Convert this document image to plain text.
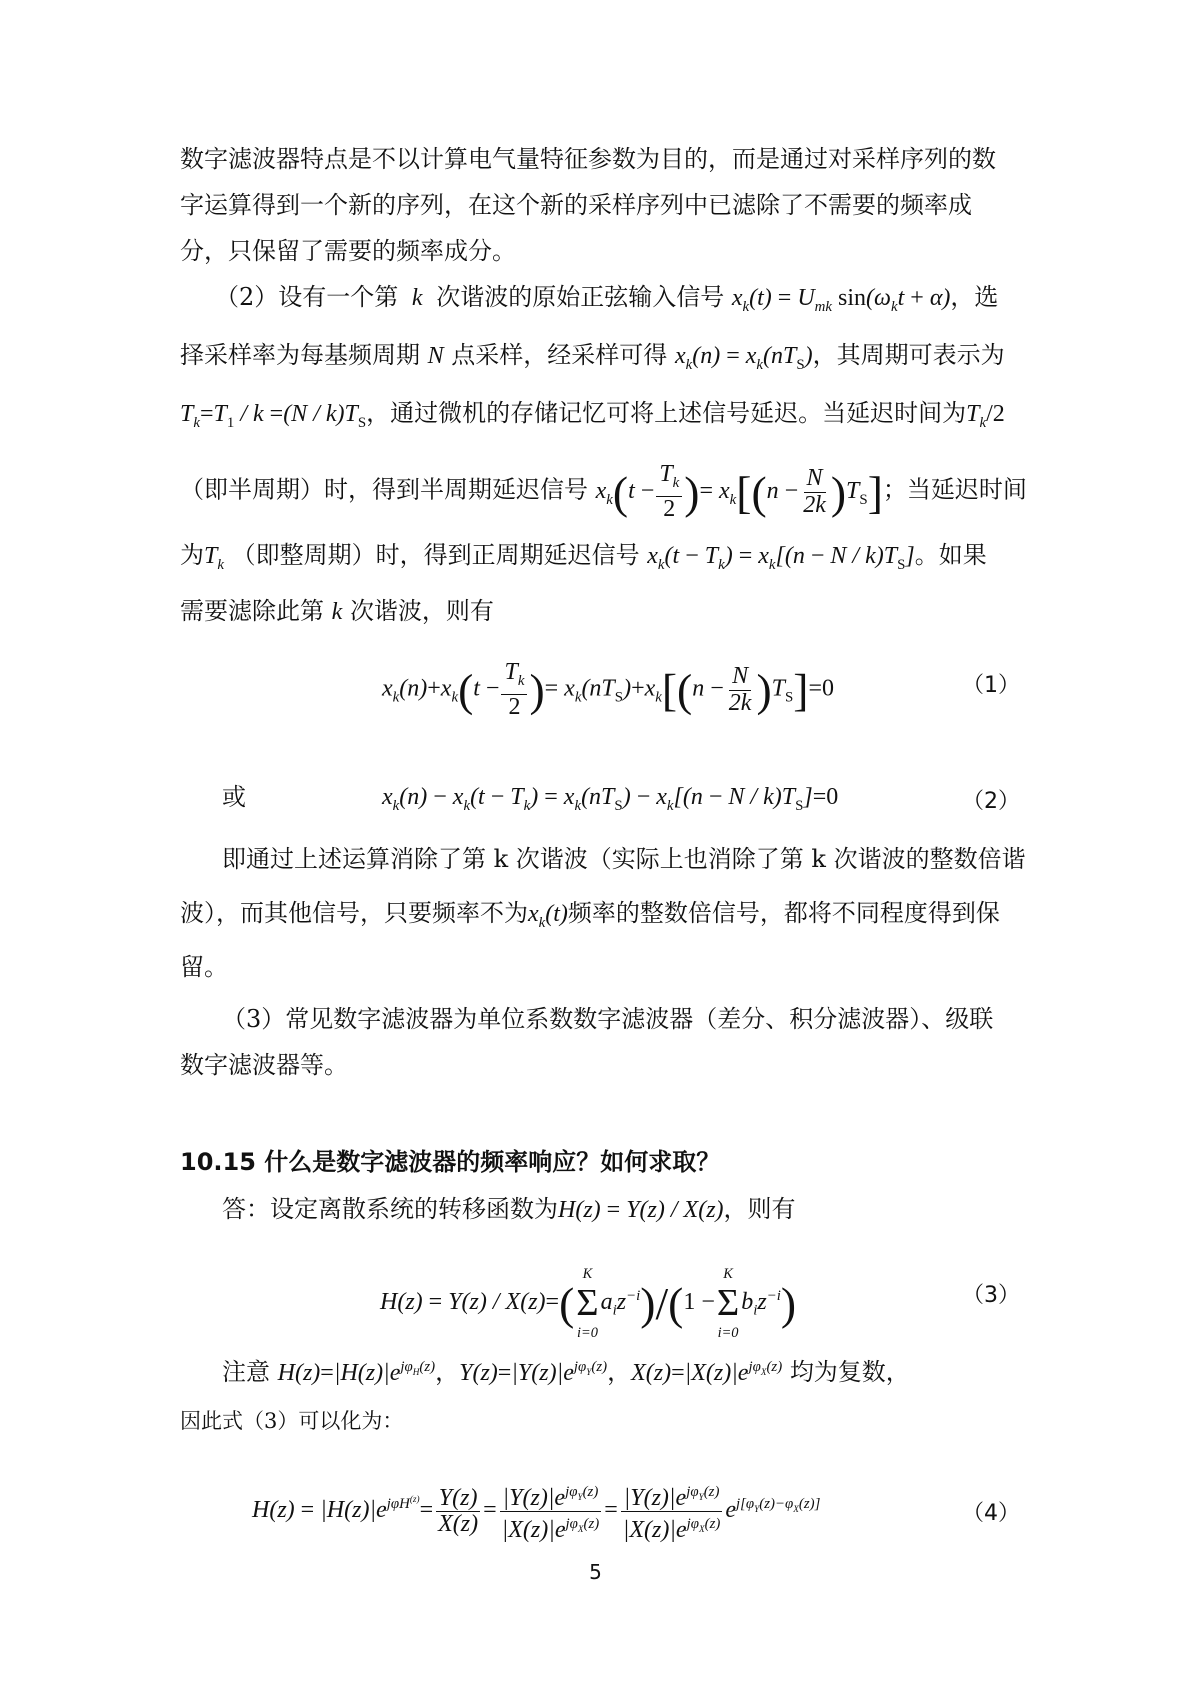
数字滤波器特点是不以计算电气量特征参数为目的，而是通过对采样序列的数字运算得到一个新的序列，在这个新的采样序列中已滤除了不需要的频率成分，只保留了需要的频率成分。
（2）设有一个第  k  次谐波的原始正弦输入信号 $x_k(t) = U_{mk}$ $\sin(\omega_kt + \alpha)$，选
择采样率为每基频周期 N 点采样，经采样可得 $x_k(n) = x_k(nT_S)$，其周期可表示为
$T_k=T_1 / k =(N / k)T_S$，通过微机的存储记忆可将上述信号延迟。当延迟时间为$T_k/2$
（即半周期）时，得到半周期延迟信号 $x_k(t - \frac{T_k}{2}$ )= $x_k[(n - \frac{N}{2k} )T_S]$；当延迟时间
为$T_k$ （即整周期）时，得到正周期延迟信号 $x_k(t - T_k) = x_k[(n - N / k)T_S]$。如果
需要滤除此第 k 次谐波，则有
$x_k(n)+x_k(t - \frac{T_k}{2}$ )= $x_k(nT_S)+x_k[(n - \frac{N}{2k} )T_S]=0$	（1）
或	$x_k(n) - x_k(t - T_k) = x_k(nT_S) - x_k[(n - N / k)T_S]=0$	（2）
即通过上述运算消除了第 k 次谐波（实际上也消除了第 k 次谐波的整数倍谐
波），而其他信号，只要频率不为$x_k(t)$频率的整数倍信号，都将不同程度得到保
留。
（3）常见数字滤波器为单位系数数字滤波器（差分、积分滤波器）、级联数字滤波器等。
10.15 什么是数字滤波器的频率响应？如何求取？
答：设定离散系统的转移函数为H(z) = Y(z) / X(z)，则有
H(z) = Y(z) / X(z)=(
K
Σ
i=0
$a_iz^{-i})/(1$ −
K
Σ
i=0
$b_iz^{-i}$)	（3）
注意 $H(z)=|H(z)|e^{j\varphi_H(z)}$，$Y(z)=|Y(z)|e^{j\varphi_Y(z)}$，$X(z)=|X(z)|e^{j\varphi_X(z)}$ 均为复数，
因此式（3）可以化为：
$H(z) = |H(z)|e^{j\varphi H^{(z)}}= \frac{Y(z)}{X(z)} = \frac{|Y(z)|e^{j\varphi_Y(z)}}{|X(z)|e^{j\varphi_X(z)}} = \frac{|Y(z)|e^{j\varphi_Y(z)}}{|X(z)|e^{j\varphi_X(z)}} e^{j[\varphi_Y(z)-\varphi_X(z)]}$	（4）
5
